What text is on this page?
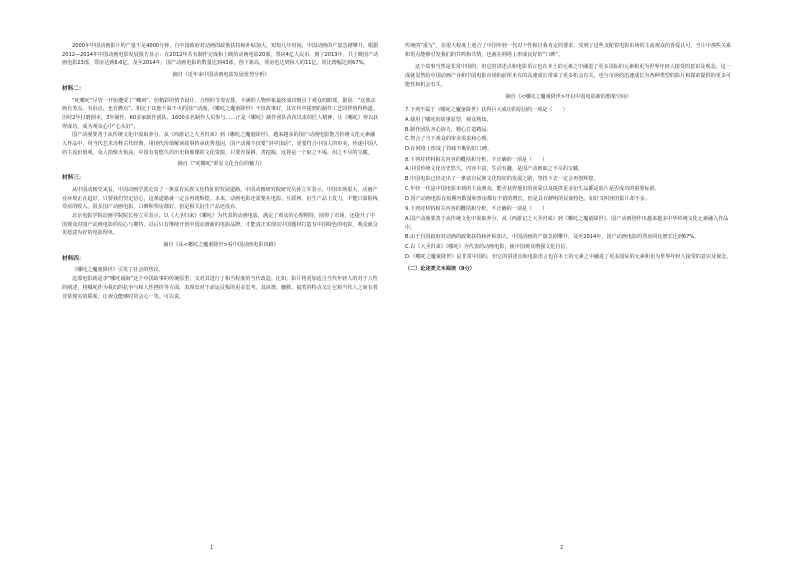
2000年中国动画影片的产量不足4000分钟。自中国政府对动画的政策扶持和补贴加大，短短几年时间，中国动画的产量急剧攀升。根据2012—2014年中国动画电影发展报告显示：在2012年共有制作完成和上映的动画电影20部，票房4亿人民币。到了2013年，共上映国产动画电影23部，票房达到6.6亿。及至2014年，国产动画电影的数量达到43部，创下新高，票房也达到惊人的11亿，同比增幅达到67%。

摘自《近年来中国动画电影发展优势分析》

材料二：

“吒哪吒”尽管一开始遭受了“嘲讽”，但精彩的情节设计、合理的节奏安排、丰满的人物形象最终成功吸引了观众的眼球。据说：“这部动画有笑点、有泪点、也有燃点”。相比于其他不温不火的国产动漫，《哪吒之魔童降世》不仅故事好，其宣传中提到的制作工艺同样值得称道。历时2年打磨剧本，3年制作，60多家制作团队、1600多名制作人员参与……正是《哪吒》制作团队孜孜以求的匠人精神，让《哪吒》得以获得成功，成为观众心中“心头好”。

国产动漫要善于从传统文化中汲取养分。从《西游记之大圣归来》到《哪吒之魔童降世》，越来越多的国产动漫电影饱含传统文化元素融入作品中，用当代艺术诠释古代经典，用现代价值解读故事传承优秀基因，国产动漫不仅要“讲中国话”，更要符合中国人的审美，传递中国人的主流价值观。众人拾柴火焰高，中国有着悠久的历史和璀璨的文化资源，只要肯深耕、善挖掘，这将是一个取之不竭、用之不尽的宝藏。

摘自《“吒哪吒”彰显文化自信的魅力》

材料三：

从中国动画史来看，中国动画学派走出了一条富有民族文化特征的发展道路。中国动画研究院研究员孙立军表示，中国市场很大，动画产业环境正在趋好，只要我们坚定信心，这条道路就一定会再现辉煌。未来，动画电影还需要在电影、互联网、衍生产品上发力，不能只靠院线票房的收入。很多国产动画电影，口碑和票房都好，但是相关衍生产品还没有。

北京电影学院动画学院院长孙立军表示，以《大圣归来》《哪吒》为代表的动画电影，满足了观众的心理期待，圆得了市场，还提升了中国观众对国产动画电影的信心与期待。以后只有继续开创中国动画新的电影品牌，才能真正实现以中国题材打造有中国特色的电影，观众就会更愿意为好的电影埋单。

摘自《从<哪吒之魔童降世>看中国动画电影出路》

材料四：

《哪吒之魔童降世》引发了社会的热议。

这部电影就是李“哪吒闹海”这个中国故事的传统原型，又对其进行了相当程度的当代改造。比如，影片将更加适合当代年轻人的对于人性的阐述，将哪吒作为我们的抗争与和人性挫折等方面，表现出对于命运反叛的更多思考。其诙谐、幽默、搞笑的特点又让它和当代人之间有着非常现实的联系，让观众能够时常会心一笑。可以说，

传统的“重写”，在很大程度上迎合了中国年轻一代对个性和自我肯定的要求，受到了这些支配着电影市场的主流观众的喜爱认可。当片中那些关系和语点能够引发我们的共鸣和共情，也就在网络上形成良好的“口碑”。

这个故事当然是非常中国的，但它的讲述点和电影语言也在本土的元素之中融进了更多国际的元素和更为世界年轻人接受的意识及观念。这一成就显然给中国动画产业和中国电影市场的前所未有的高速成长带来了更多机会有关，也与市场的迅速成长为各种类型的影片和探索提供的更多可能性和机会有关。

摘自《<哪吒之魔童降世>开启中国电影新的想象空间》

7.下列不属于《哪吒之魔童降世》获得巨大成功的原因的一项是（　　）

A.使用了哪吒的故事原型，观众熟知。

B.制作团队齐心协力，精心打造精品。

C.契合了当下观众的审美需求和心理。

D.在网络上形成了持续不断的好口碑。

8.下列对材料相关内容的概括和分析，不正确的一项是（　　）

A.中国传统文化历史悠久，内容丰富，生动有趣，是国产动画取之不尽的宝藏。

B.中国电影已经走出了一条富有民族文化特征的发展之路，坚持下去一定会再创辉煌。

C.年轻一代是中国电影市场的主流观众，能否获得他们的喜爱以及提供更多衍生品都是影片是否成功的重要标准。

D.国产动画电影在短期内数量和票房都有不错的增长，但是具有鲜明的民族特色，如好又叫座的影片却不多。

9.下列对材料相关内容的概括和分析，不正确的一项是（　　）

A.国产动漫要善于从传统文化中汲取养分，从《西游记之大圣归来》到《哪吒之魔童降世》，国产动画创作出越来越多中华传统文化元素融入作品中。

B.由于自国政府对动画的政策扶持和补贴加大，中国动画的产量急剧攀升，及至2014年，国产动画电影的票房同比增长达到67%。

C.以《大圣归来》《哪吒》为代表的动画电影，使中国观众增强文化自信。

D.《哪吒之魔童降世》是非常中国的，但它的讲述点和电影语言也在本土的元素之中融进了更多国际的元素和更为世界年轻人接受的意识及观念。

（二）论述类文本阅读（9分）

1	2
